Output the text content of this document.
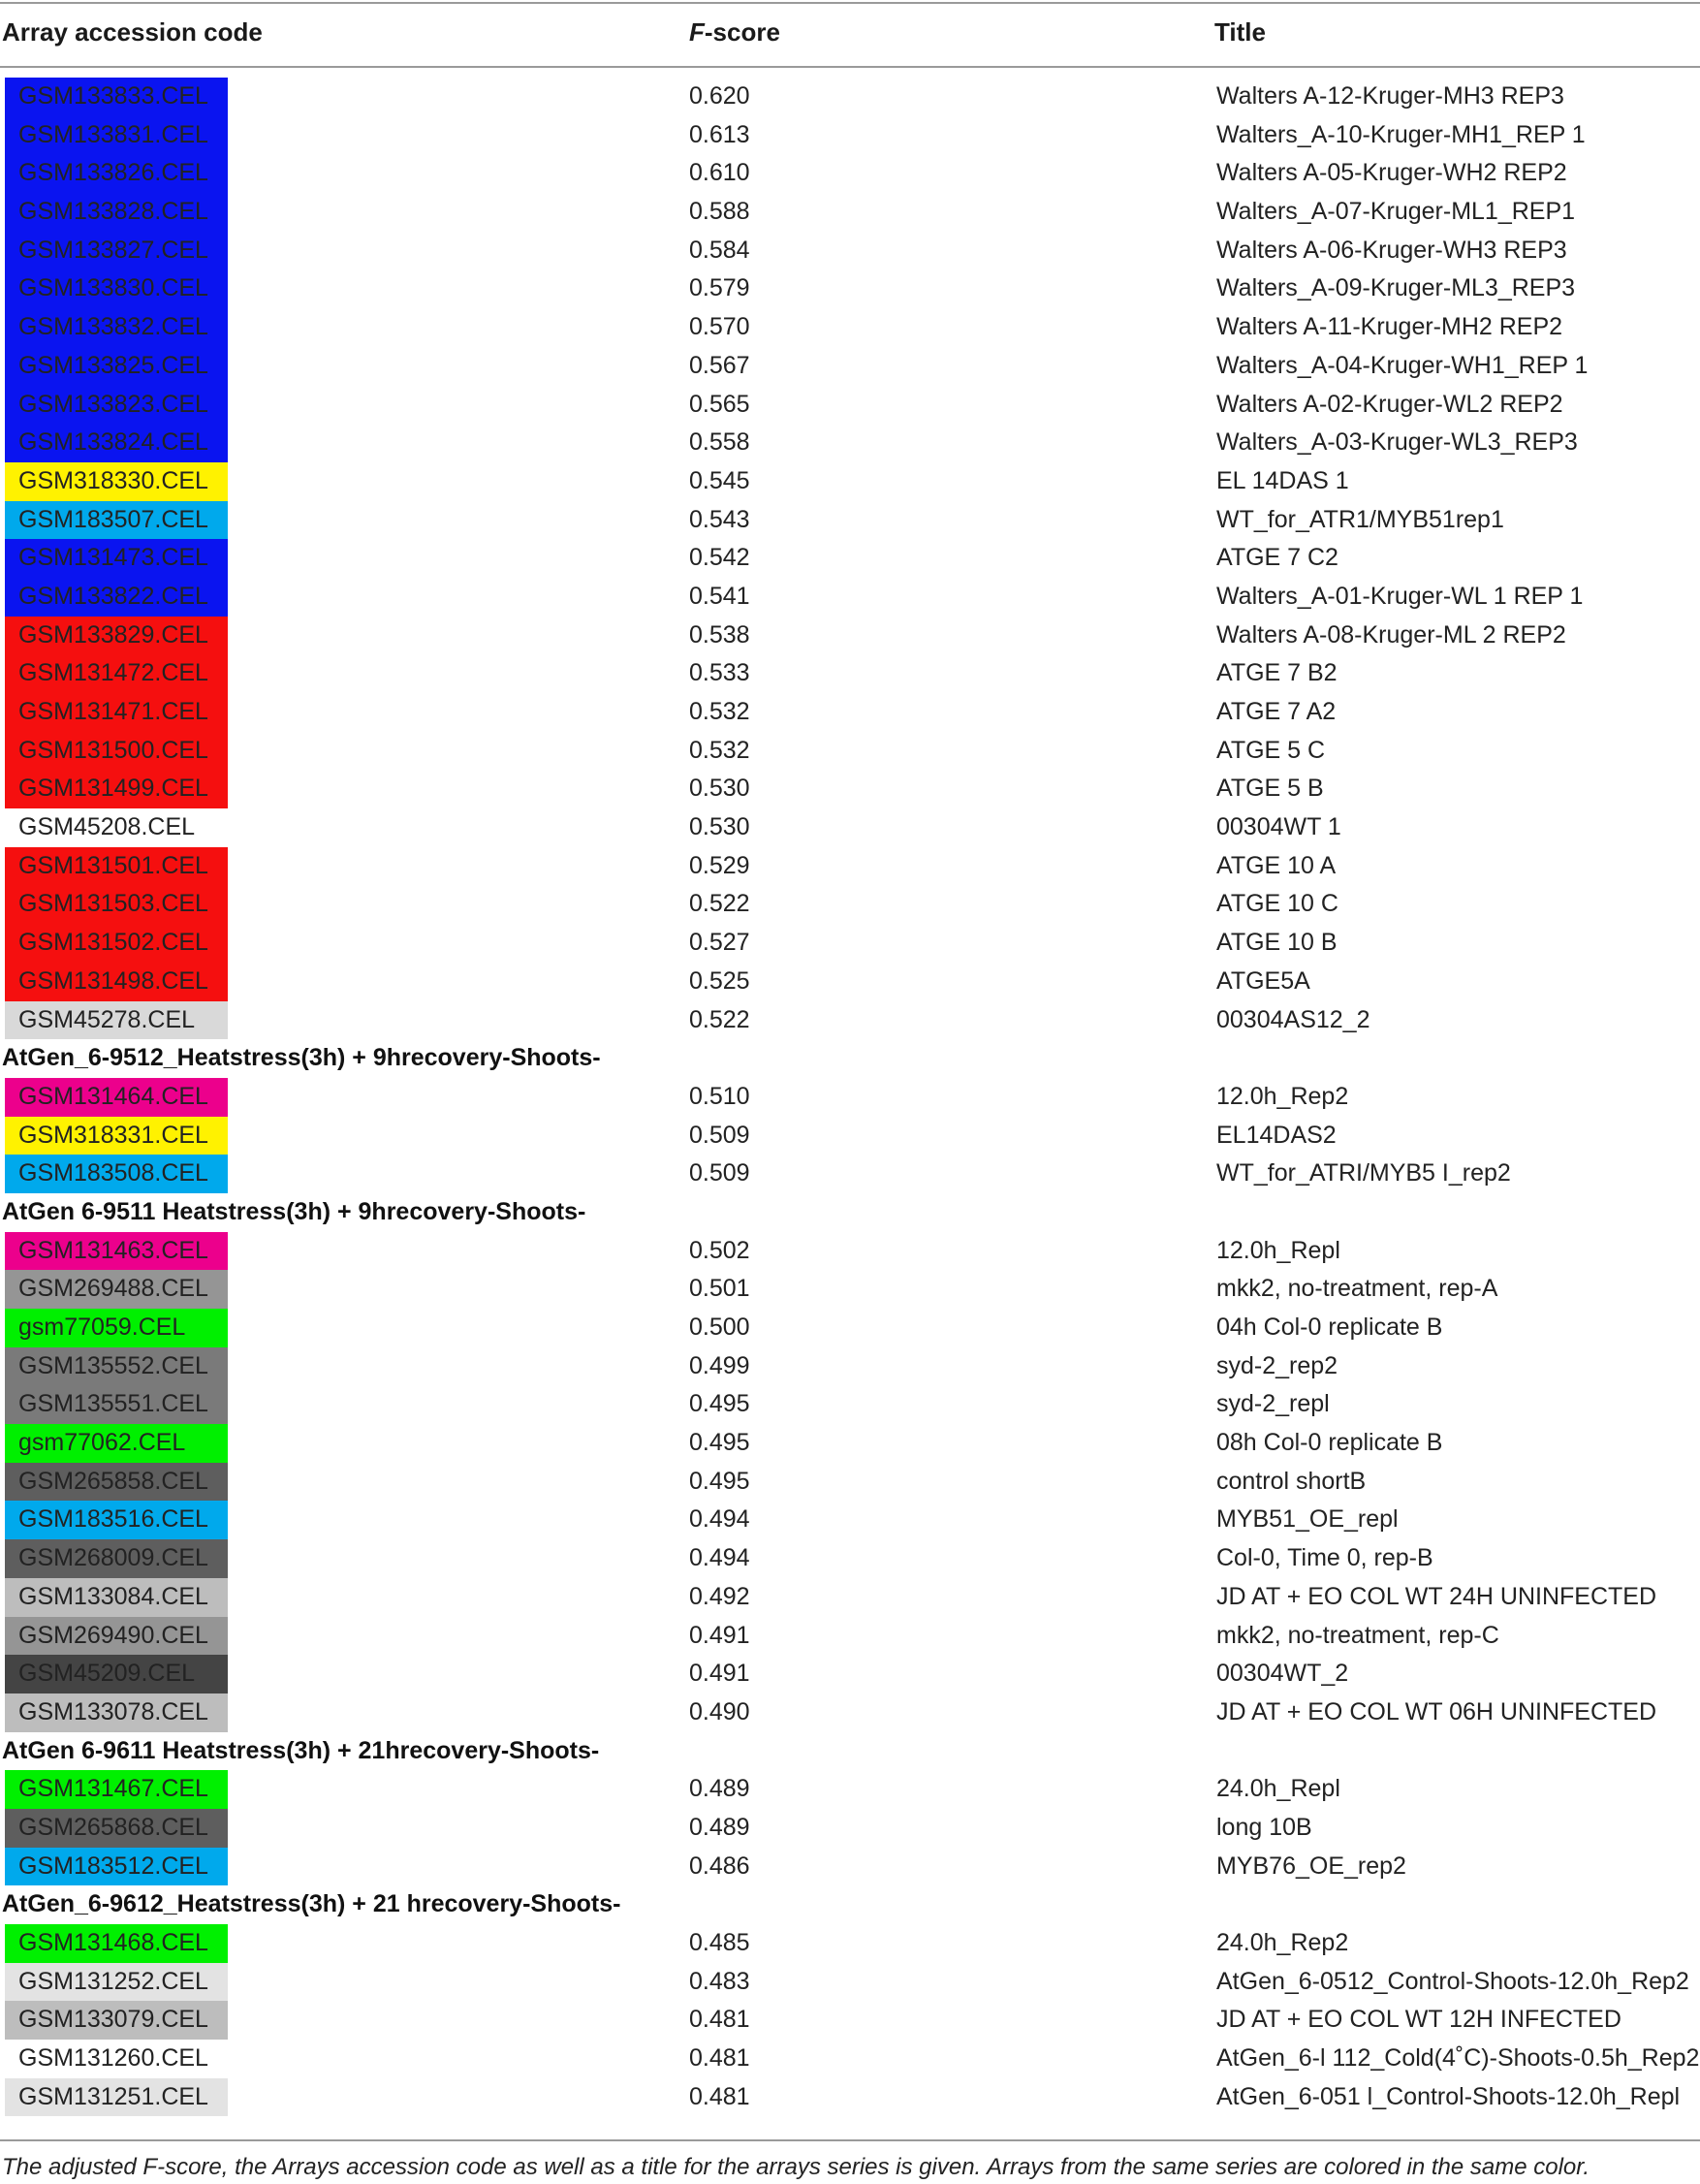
Array accession code	F-score	Title
GSM133833.CEL	0.620	Walters A-12-Kruger-MH3 REP3
GSM133831.CEL	0.613	Walters_A-10-Kruger-MH1_REP 1
GSM133826.CEL	0.610	Walters A-05-Kruger-WH2 REP2
GSM133828.CEL	0.588	Walters_A-07-Kruger-ML1_REP1
GSM133827.CEL	0.584	Walters A-06-Kruger-WH3 REP3
GSM133830.CEL	0.579	Walters_A-09-Kruger-ML3_REP3
GSM133832.CEL	0.570	Walters A-11-Kruger-MH2 REP2
GSM133825.CEL	0.567	Walters_A-04-Kruger-WH1_REP 1
GSM133823.CEL	0.565	Walters A-02-Kruger-WL2 REP2
GSM133824.CEL	0.558	Walters_A-03-Kruger-WL3_REP3
GSM318330.CEL	0.545	EL 14DAS 1
GSM183507.CEL	0.543	WT_for_ATR1/MYB51rep1
GSM131473.CEL	0.542	ATGE 7 C2
GSM133822.CEL	0.541	Walters_A-01-Kruger-WL 1 REP 1
GSM133829.CEL	0.538	Walters A-08-Kruger-ML 2 REP2
GSM131472.CEL	0.533	ATGE 7 B2
GSM131471.CEL	0.532	ATGE 7 A2
GSM131500.CEL	0.532	ATGE 5 C
GSM131499.CEL	0.530	ATGE 5 B
GSM45208.CEL	0.530	00304WT 1
GSM131501.CEL	0.529	ATGE 10 A
GSM131503.CEL	0.522	ATGE 10 C
GSM131502.CEL	0.527	ATGE 10 B
GSM131498.CEL	0.525	ATGE5A
GSM45278.CEL	0.522	00304AS12_2
AtGen_6-9512_Heatstress(3h) + 9hrecovery-Shoots-
GSM131464.CEL	0.510	12.0h_Rep2
GSM318331.CEL	0.509	EL14DAS2
GSM183508.CEL	0.509	WT_for_ATRI/MYB5 I_rep2
AtGen 6-9511 Heatstress(3h) + 9hrecovery-Shoots-
GSM131463.CEL	0.502	12.0h_Repl
GSM269488.CEL	0.501	mkk2, no-treatment, rep-A
gsm77059.CEL	0.500	04h Col-0 replicate B
GSM135552.CEL	0.499	syd-2_rep2
GSM135551.CEL	0.495	syd-2_repl
gsm77062.CEL	0.495	08h Col-0 replicate B
GSM265858.CEL	0.495	control shortB
GSM183516.CEL	0.494	MYB51_OE_repl
GSM268009.CEL	0.494	Col-0, Time 0, rep-B
GSM133084.CEL	0.492	JD AT + EO COL WT 24H UNINFECTED
GSM269490.CEL	0.491	mkk2, no-treatment, rep-C
GSM45209.CEL	0.491	00304WT_2
GSM133078.CEL	0.490	JD AT + EO COL WT 06H UNINFECTED
AtGen 6-9611 Heatstress(3h) + 21hrecovery-Shoots-
GSM131467.CEL	0.489	24.0h_Repl
GSM265868.CEL	0.489	long 10B
GSM183512.CEL	0.486	MYB76_OE_rep2
AtGen_6-9612_Heatstress(3h) + 21 hrecovery-Shoots-
GSM131468.CEL	0.485	24.0h_Rep2
GSM131252.CEL	0.483	AtGen_6-0512_Control-Shoots-12.0h_Rep2
GSM133079.CEL	0.481	JD AT + EO COL WT 12H INFECTED
GSM131260.CEL	0.481	AtGen_6-l 112_Cold(4˚C)-Shoots-0.5h_Rep2
GSM131251.CEL	0.481	AtGen_6-051 l_Control-Shoots-12.0h_Repl
The adjusted F-score, the Arrays accession code as well as a title for the arrays series is given. Arrays from the same series are colored in the same color.
